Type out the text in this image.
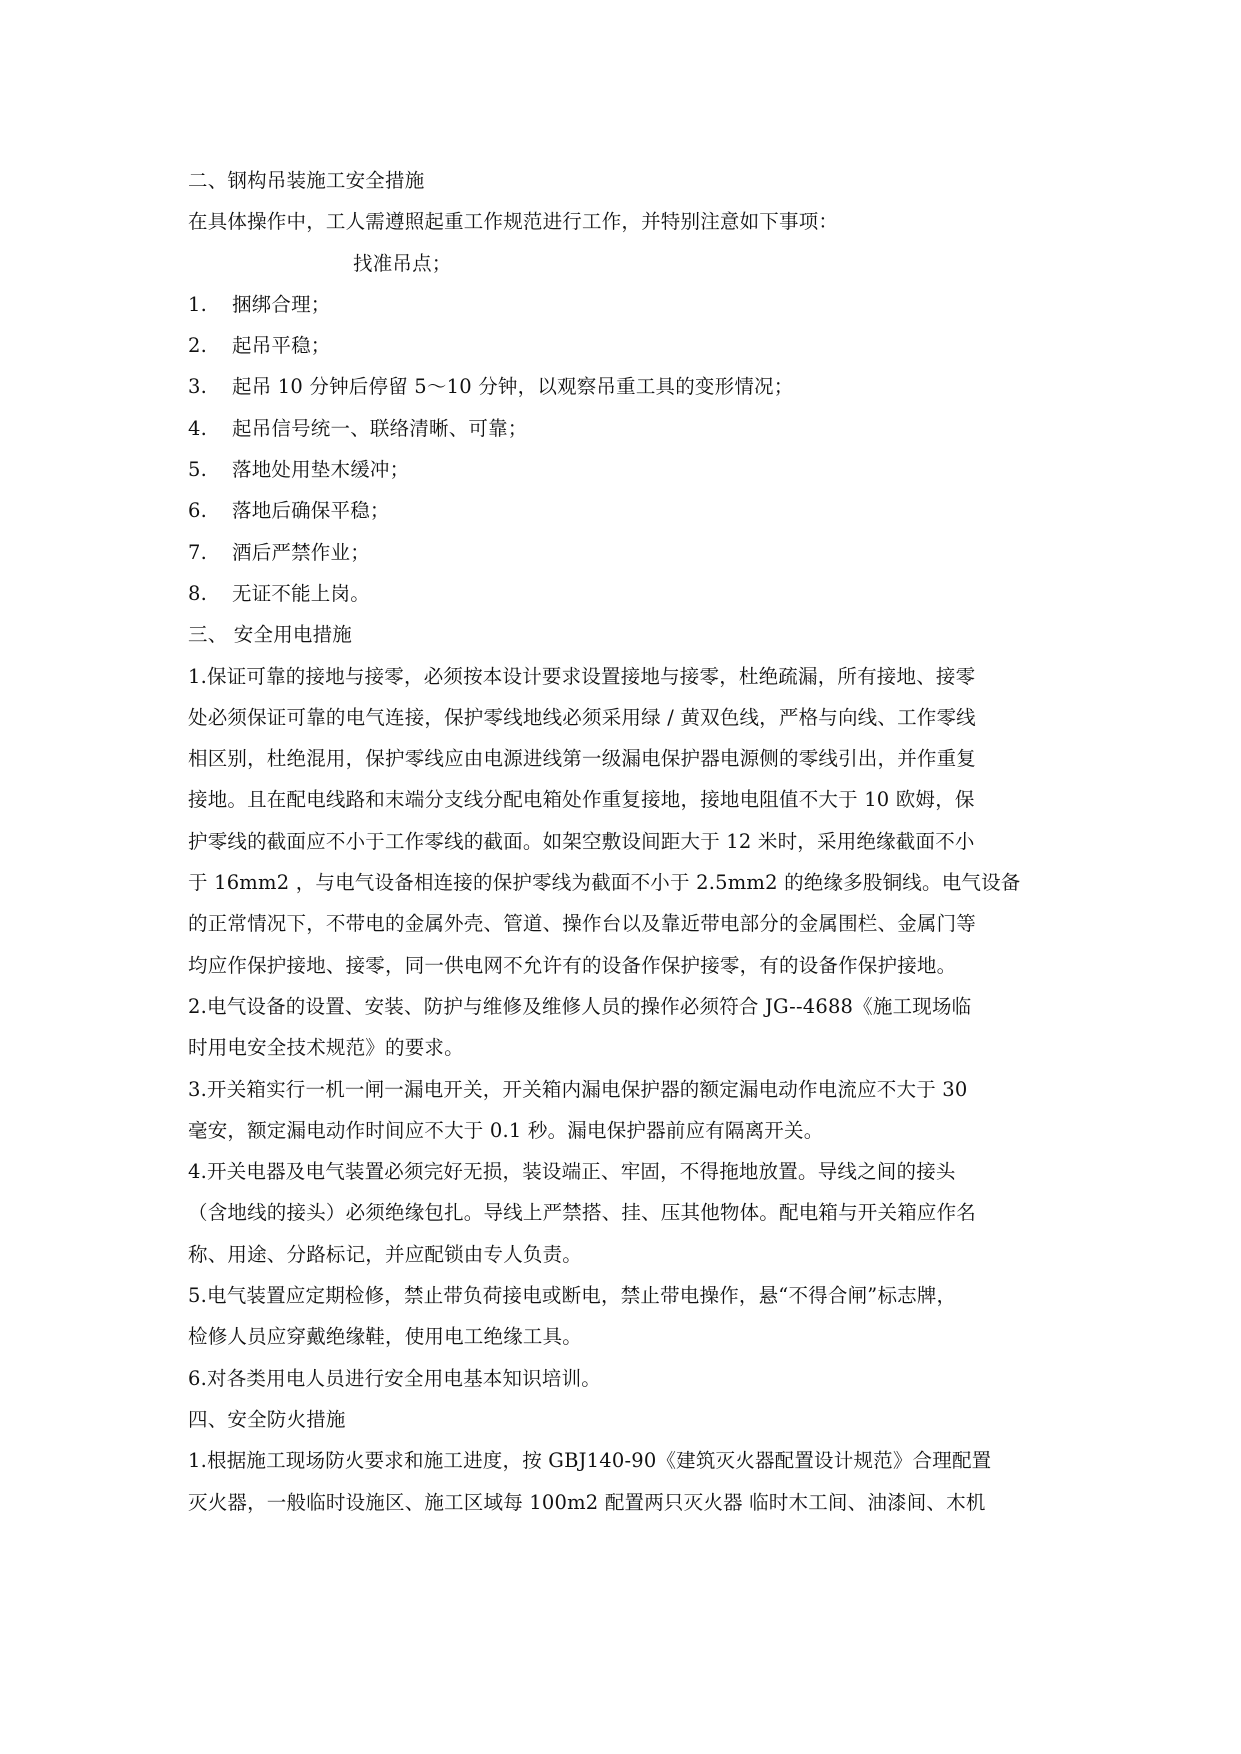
二、钢构吊装施工安全措施
在具体操作中，工人需遵照起重工作规范进行工作，并特别注意如下事项：
找准吊点；
1. 捆绑合理；
2. 起吊平稳；
3. 起吊 10 分钟后停留 5～10 分钟，以观察吊重工具的变形情况；
4. 起吊信号统一、联络清晰、可靠；
5. 落地处用垫木缓冲；
6. 落地后确保平稳；
7. 酒后严禁作业；
8. 无证不能上岗。
三、 安全用电措施
1.保证可靠的接地与接零，必须按本设计要求设置接地与接零，杜绝疏漏，所有接地、接零
处必须保证可靠的电气连接，保护零线地线必须采用绿 / 黄双色线，严格与向线、工作零线
相区别，杜绝混用，保护零线应由电源进线第一级漏电保护器电源侧的零线引出，并作重复
接地。且在配电线路和末端分支线分配电箱处作重复接地，接地电阻值不大于 10 欧姆，保
护零线的截面应不小于工作零线的截面。如架空敷设间距大于 12 米时，采用绝缘截面不小
于 16mm2 ，与电气设备相连接的保护零线为截面不小于 2.5mm2 的绝缘多股铜线。电气设备
的正常情况下，不带电的金属外壳、管道、操作台以及靠近带电部分的金属围栏、金属门等
均应作保护接地、接零，同一供电网不允许有的设备作保护接零，有的设备作保护接地。
2.电气设备的设置、安装、防护与维修及维修人员的操作必须符合 JG--4688《施工现场临
时用电安全技术规范》的要求。
3.开关箱实行一机一闸一漏电开关，开关箱内漏电保护器的额定漏电动作电流应不大于 30
毫安，额定漏电动作时间应不大于 0.1 秒。漏电保护器前应有隔离开关。
4.开关电器及电气装置必须完好无损，装设端正、牢固，不得拖地放置。导线之间的接头
（含地线的接头）必须绝缘包扎。导线上严禁搭、挂、压其他物体。配电箱与开关箱应作名
称、用途、分路标记，并应配锁由专人负责。
5.电气装置应定期检修，禁止带负荷接电或断电，禁止带电操作，悬“不得合闸”标志牌，
检修人员应穿戴绝缘鞋，使用电工绝缘工具。
6.对各类用电人员进行安全用电基本知识培训。
四、安全防火措施
1.根据施工现场防火要求和施工进度，按 GBJ140-90《建筑灭火器配置设计规范》合理配置
灭火器，一般临时设施区、施工区域每 100m2 配置两只灭火器 临时木工间、油漆间、木机
